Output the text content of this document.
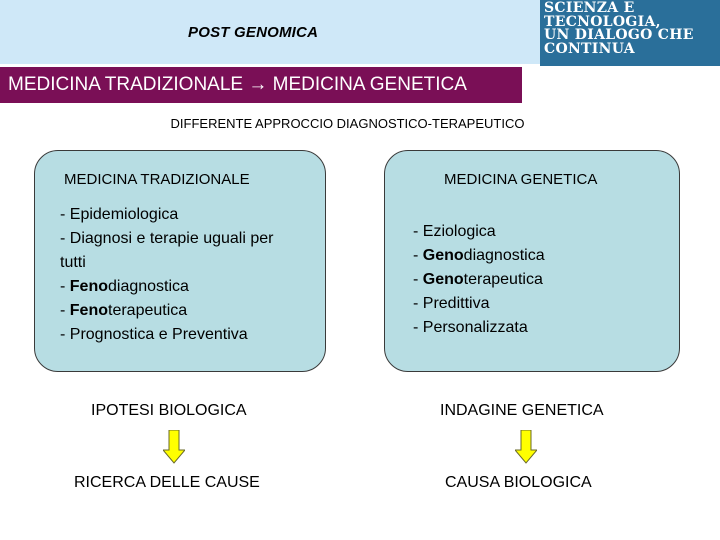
POST GENOMICA
SCIENZA E
TECNOLOGIA,
UN DIALOGO CHE
CONTINUA
MEDICINA TRADIZIONALE → MEDICINA GENETICA
DIFFERENTE APPROCCIO DIAGNOSTICO-TERAPEUTICO
MEDICINA TRADIZIONALE
- Epidemiologica
- Diagnosi e terapie uguali per tutti
- Fenodiagnostica
- Fenoterapeutica
- Prognostica e Preventiva
MEDICINA GENETICA
- Eziologica
- Genodiagnostica
- Genoterapeutica
- Predittiva
- Personalizzata
IPOTESI BIOLOGICA
RICERCA DELLE CAUSE
INDAGINE GENETICA
CAUSA BIOLOGICA
